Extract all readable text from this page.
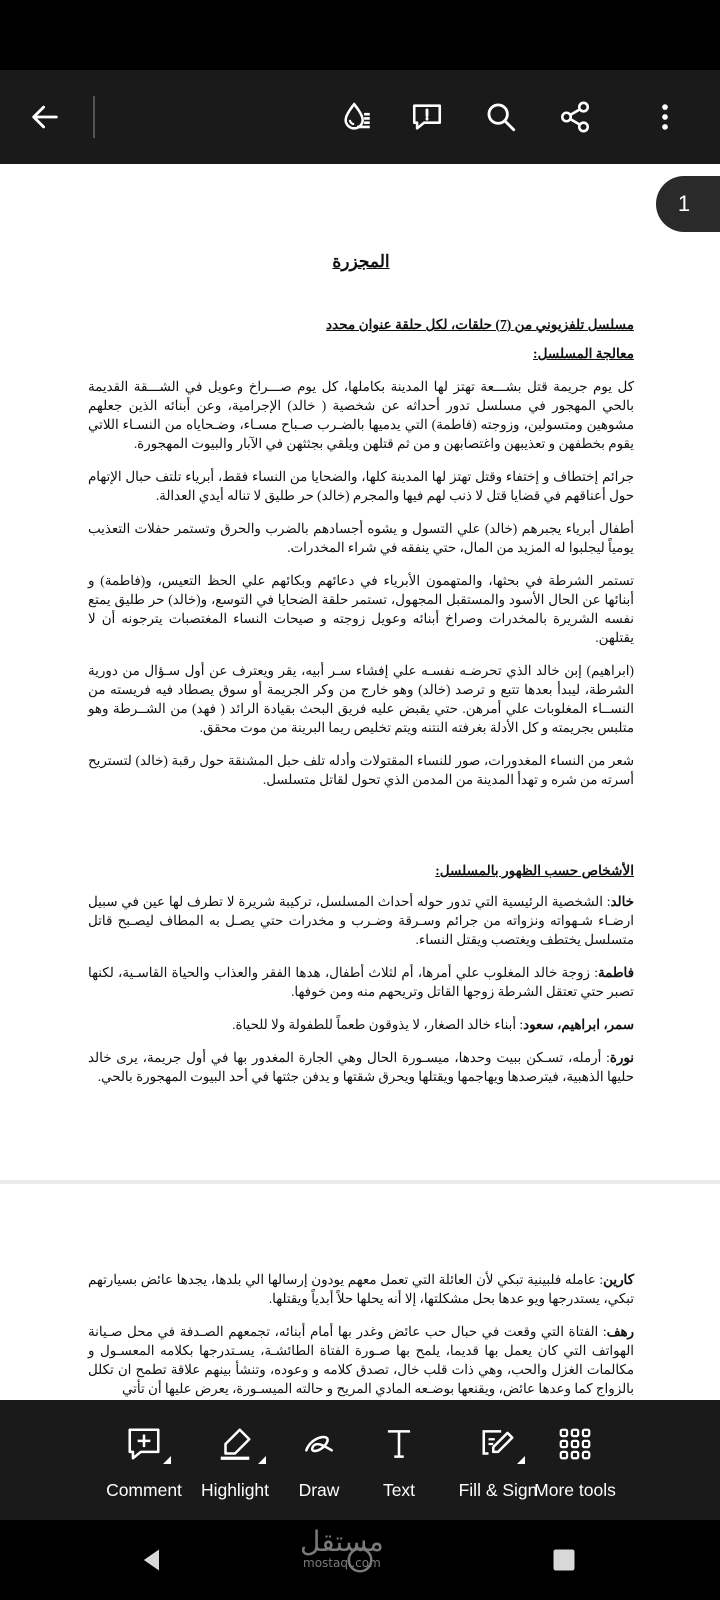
المجزرة
مسلسل تلفزيوني من (7) حلقات، لكل حلقة عنوان محدد
معالجة المسلسل:

كل يوم جريمة قتل بشـــعة تهتز لها المدينة بكاملها، كل يوم صـــراخ وعويل في الشـــقة القديمة بالحي المهجور في مسلسل تدور أحداثه عن شخصية ( خالد) الإجرامية، وعن أبنائه الذين جعلهم مشوهين ومتسولين، وزوجته (فاطمة) التي يدميها بالضـرب صـباح مسـاء، وضـحاياه من النسـاء اللاتي يقوم بخطفهن و تعذيبهن واغتصابهن و من ثم قتلهن ويلقي بجثثهن في الآبار والبيوت المهجورة.

جرائم إختطاف و إختفاء وقتل تهتز لها المدينة كلها، والضحايا من النساء فقط، أبرياء تلتف حبال الإتهام حول أعناقهم في قضايا قتل لا ذنب لهم فيها والمجرم (خالد) حر طليق لا تناله أيدي العدالة.

أطفال أبرياء يجبرهم (خالد) علي التسول و يشوه أجسادهم بالضرب والحرق وتستمر حفلات التعذيب يومياً ليجلبوا له المزيد من المال، حتي ينفقه في شراء المخدرات.

تستمر الشرطة في بحثها، والمتهمون الأبرياء في دعائهم وبكائهم علي الحظ التعيس، و(فاطمة) و أبنائها عن الحال الأسود والمستقبل المجهول، تستمر حلقة الضحايا في التوسع، و(خالد) حر طليق يمتع نفسه الشريرة بالمخدرات وصراخ أبنائه وعويل زوجته و صيحات النساء المغتصبات يترجونه أن لا يقتلهن.

(ابراهيم) إبن خالد الذي تحرضـه نفسـه علي إفشاء سـر أبيه، يقر ويعترف عن أول سـؤال من دورية الشرطة، ليبدأ بعدها تتبع و ترصد (خالد) وهو خارج من وكر الجريمة أو سوق يصطاد فيه فريسته من النســاء المغلوبات علي أمرهن. حتي يقبض عليه فريق البحث بقيادة الرائد ( فهد) من الشــرطة وهو متلبس بجريمته و كل الأدلة بغرفته النتنه ويتم تخليص ريما البرينة من موت محقق.

شعر من النساء المغدورات، صور للنساء المقتولات وأدله تلف حبل المشنقة حول رقبة (خالد) لتستريح أسرته من شره و تهدأ المدينة من المدمن الذي تحول لقاتل متسلسل.

الأشخاص حسب الظهور بالمسلسل:

خالد: الشخصية الرئيسية التي تدور حوله أحداث المسلسل، تركيبة شريرة لا تطرف لها عين في سبيل ارضـاء شـهواته ونزواته من جرائم وسـرقة وضـرب و مخدرات حتي يصـل به المطاف ليصـبح قاتل متسلسل يختطف ويغتصب ويقتل النساء.

فاطمة: زوجة خالد المغلوب علي أمرها، أم لثلاث أطفال، هدها الفقر والعذاب والحياة القاسـية، لكنها تصبر حتي تعتقل الشرطة زوجها القاتل وتريحهم منه ومن خوفها.

سمر، ابراهيم، سعود: أبناء خالد الصغار، لا يذوقون طعماً للطفولة ولا للحياة.

نورة: أرمله، تسـكن ببيت وحدها، ميسـورة الحال وهي الجارة المغدور بها في أول جريمة، يرى خالد حليها الذهبية، فيترصدها ويهاجمها ويقتلها ويحرق شقتها و يدفن جثتها في أحد البيوت المهجورة بالحي.

1

كارين: عامله فلبينية تبكي لأن العائلة التي تعمل معهم يودون إرسالها الي بلدها، يجدها عائض بسيارتهم تبكي، يستدرجها ويو عدها بحل مشكلتها، إلا أنه يحلها حلاً أبدياً ويقتلها.

رهف: الفتاة التي وقعت في حبال حب عائض وغدر بها أمام أبنائه، تجمعهم الصـدفة في محل صـيانة الهواتف التي كان يعمل بها قديما، يلمح بها صـورة الفتاة الطائشـة، يسـتدرجها بكلامه المعسـول و مكالمات الغزل والحب، وهي ذات قلب خال، تصدق كلامه و وعوده، وتنشأ بينهم علاقة تطمح ان تكلل بالزواج كما وعدها عائض، ويقنعها بوضـعه المادي المريح و حالته الميسـورة، يعرض عليها أن تأتي

Comment	Highlight	Draw	Text	Fill & Sign
More tools
مستقل
mostaql.com
